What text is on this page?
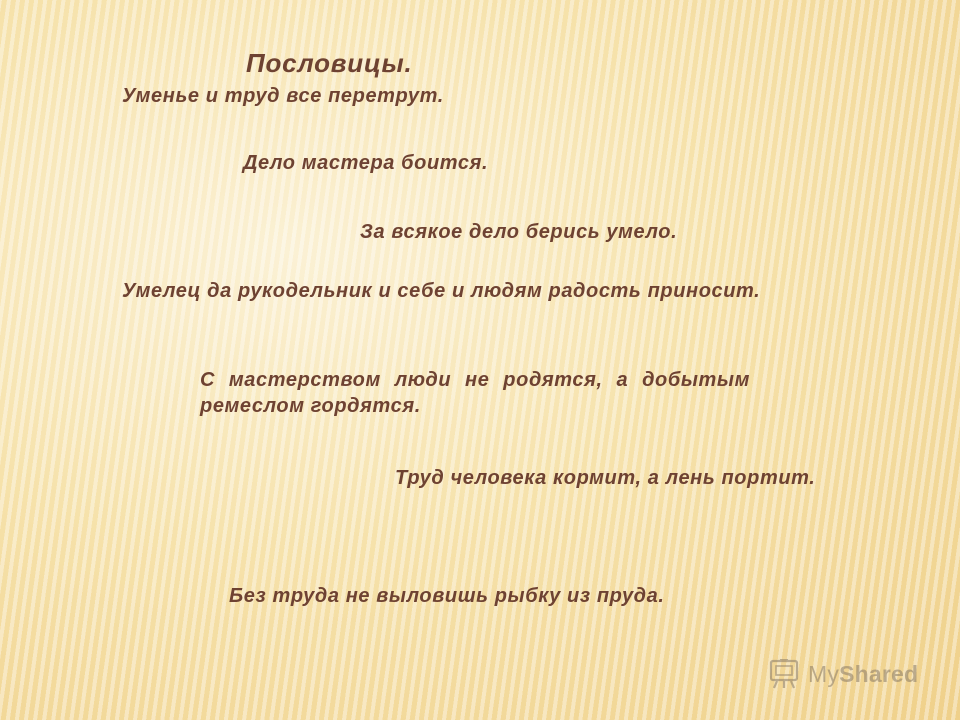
Пословицы.

Уменье и труд все перетрут.

Дело мастера боится.

За всякое дело берись умело.

Умелец да рукодельник и себе и людям радость приносит.

С мастерством люди не родятся, а добытым ремеслом гордятся.

Труд человека кормит, а лень портит.

Без труда не выловишь рыбку из пруда.

MyShared
